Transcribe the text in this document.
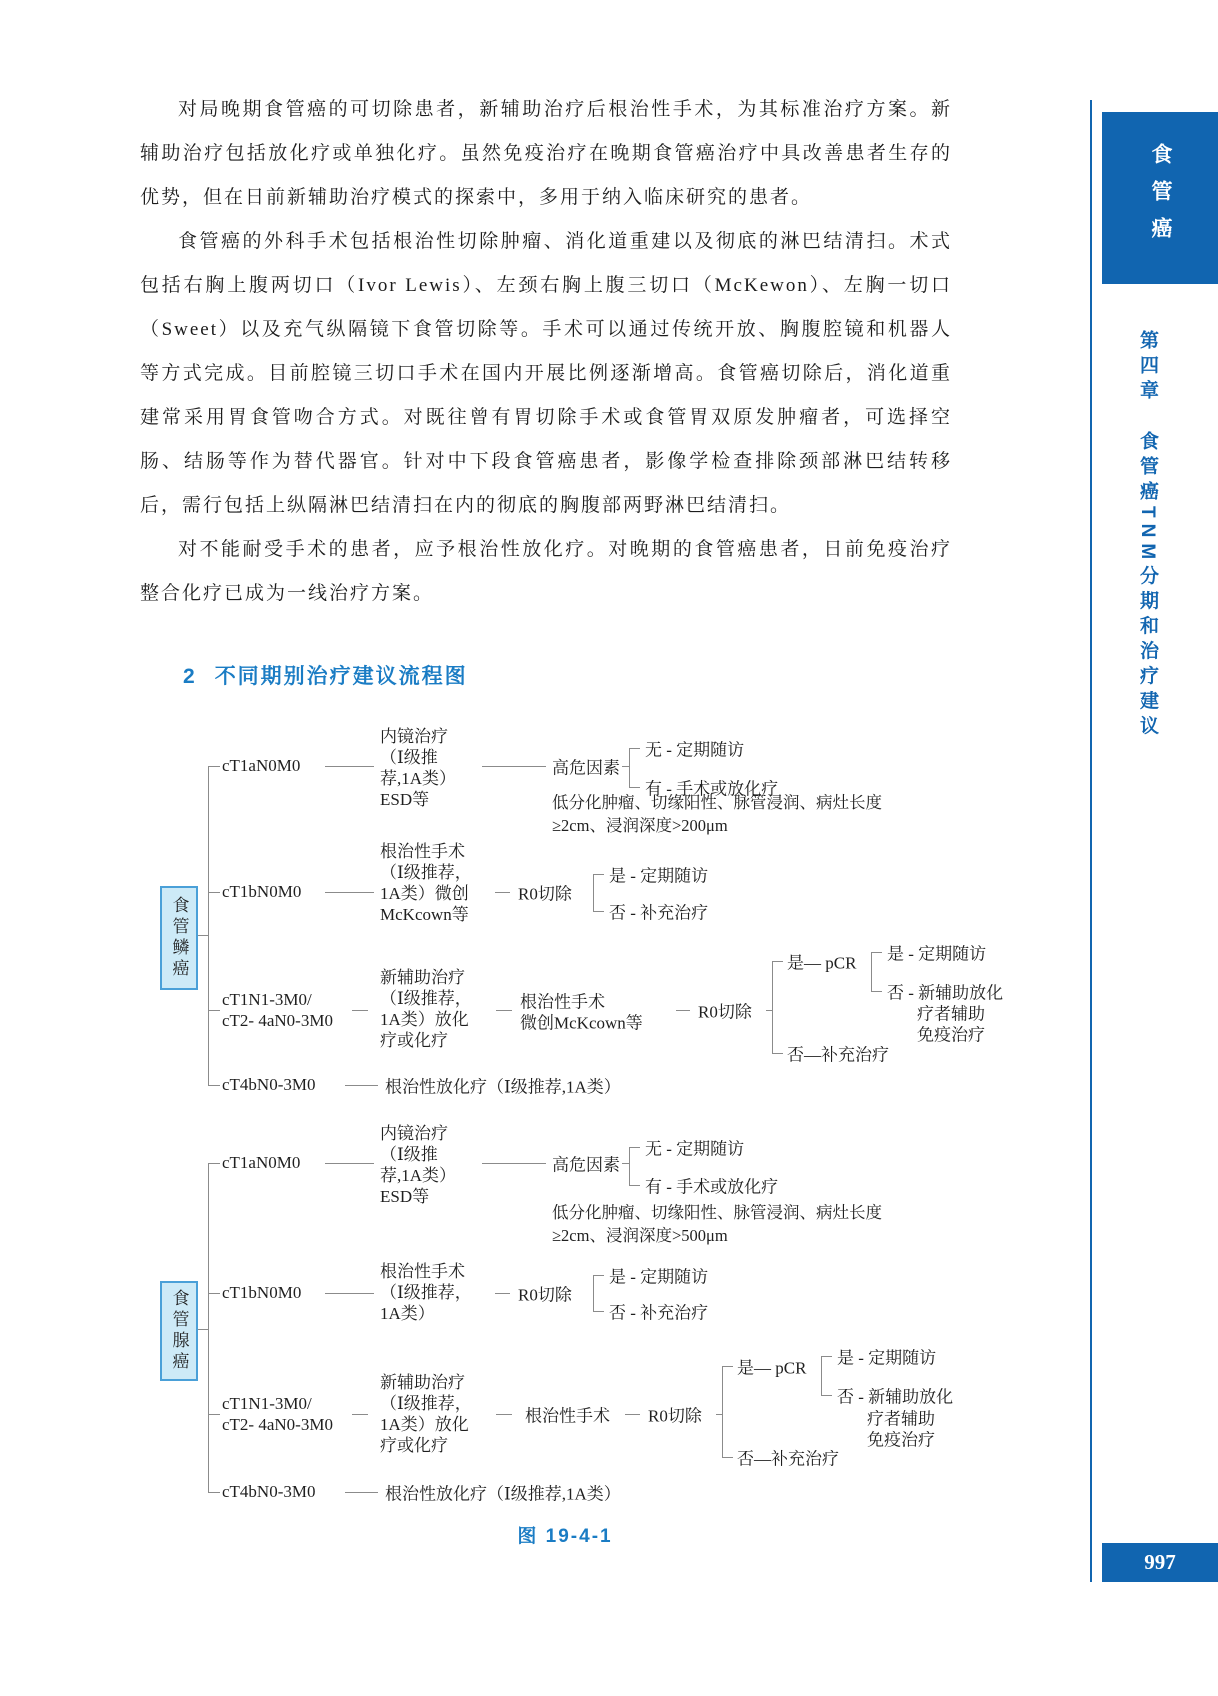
对局晚期食管癌的可切除患者，新辅助治疗后根治性手术，为其标准治疗方案。新辅助治疗包括放化疗或单独化疗。虽然免疫治疗在晚期食管癌治疗中具改善患者生存的优势，但在日前新辅助治疗模式的探索中，多用于纳入临床研究的患者。

食管癌的外科手术包括根治性切除肿瘤、消化道重建以及彻底的淋巴结清扫。术式包括右胸上腹两切口（Ivor Lewis）、左颈右胸上腹三切口（McKewon）、左胸一切口（Sweet）以及充气纵隔镜下食管切除等。手术可以通过传统开放、胸腹腔镜和机器人等方式完成。目前腔镜三切口手术在国内开展比例逐渐增高。食管癌切除后，消化道重建常采用胃食管吻合方式。对既往曾有胃切除手术或食管胃双原发肿瘤者，可选择空肠、结肠等作为替代器官。针对中下段食管癌患者，影像学检查排除颈部淋巴结转移后，需行包括上纵隔淋巴结清扫在内的彻底的胸腹部两野淋巴结清扫。

对不能耐受手术的患者，应予根治性放化疗。对晚期的食管癌患者，日前免疫治疗整合化疗已成为一线治疗方案。

2 不同期别治疗建议流程图
食管鳞癌
cT1aN0M0
内镜治疗
（Ⅰ级推
荐,1A类）
ESD等
高危因素
无 - 定期随访
有 - 手术或放化疗
低分化肿瘤、切缘阳性、脉管浸润、病灶长度
≥2cm、浸润深度>200μm
cT1bN0M0
根治性手术
（Ⅰ级推荐，
1A类）微创
McKcown等
R0切除
是 - 定期随访
否 - 补充治疗
cT1N1-3M0/
cT2- 4aN0-3M0
新辅助治疗
（Ⅰ级推荐，
1A类）放化
疗或化疗
根治性手术
微创McKcown等
R0切除
是— pCR 是 - 定期随访
否 - 新辅助放化
疗者辅助
免疫治疗
否—补充治疗
cT4bN0-3M0	根治性放化疗（Ⅰ级推荐,1A类）
食管腺癌
cT1aN0M0
内镜治疗
（Ⅰ级推
荐,1A类）
ESD等
高危因素
无 - 定期随访
有 - 手术或放化疗
低分化肿瘤、切缘阳性、脉管浸润、病灶长度
≥2cm、浸润深度>500μm
cT1bN0M0
根治性手术
（Ⅰ级推荐，
1A类）
R0切除
是 - 定期随访
否 - 补充治疗
cT1N1-3M0/
cT2- 4aN0-3M0
新辅助治疗
（Ⅰ级推荐，
1A类）放化
疗或化疗
根治性手术 R0切除
是— pCR
是 - 定期随访
否 - 新辅助放化
疗者辅助
免疫治疗
否—补充治疗
cT4bN0-3M0	根治性放化疗（Ⅰ级推荐,1A类）
图 19-4-1
食管癌
第四章食管癌TNM分期和治疗建议
997
